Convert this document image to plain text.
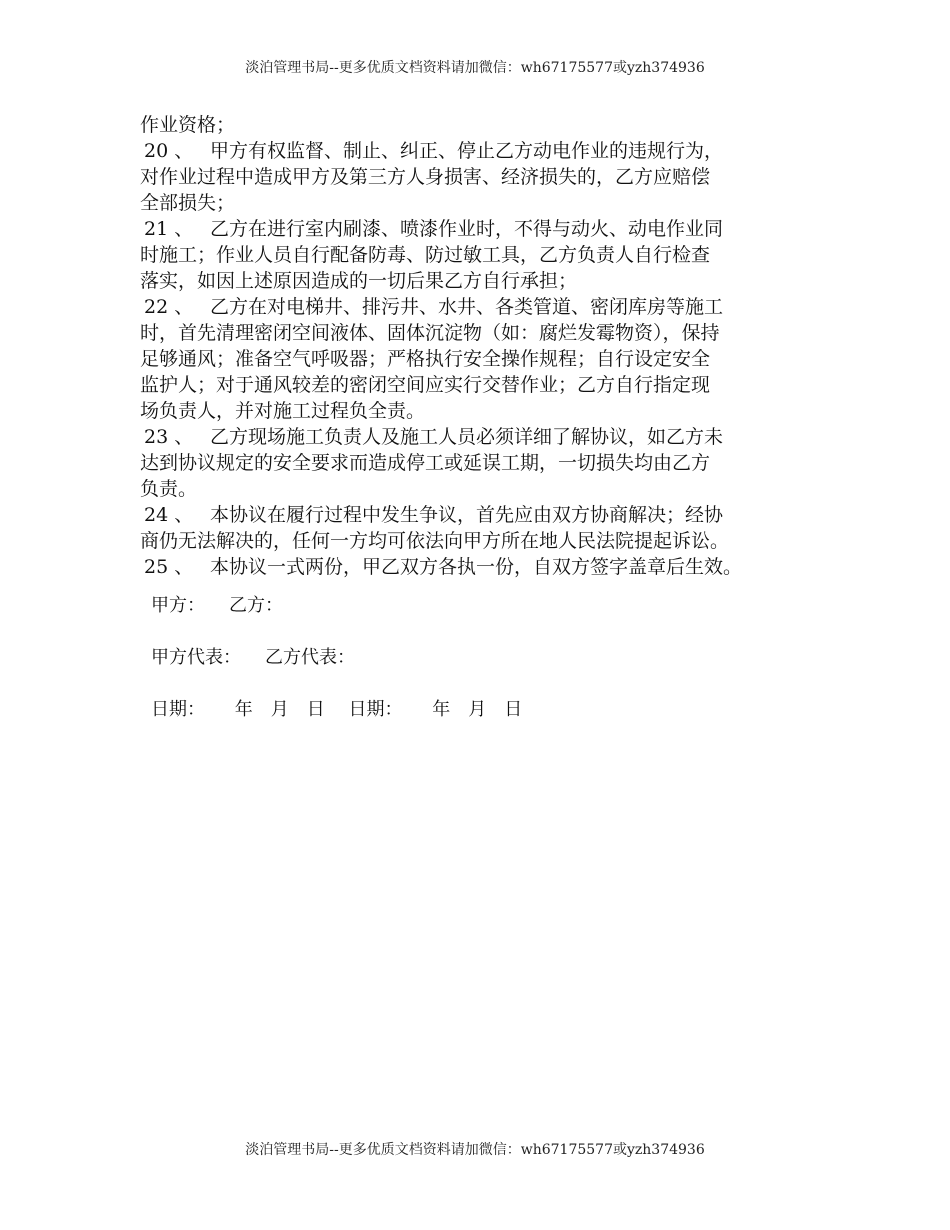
淡泊管理书局--更多优质文档资料请加微信：wh67175577或yzh374936

作业资格；

20 、 甲方有权监督、制止、纠正、停止乙方动电作业的违规行为，

对作业过程中造成甲方及第三方人身损害、经济损失的，乙方应赔偿

全部损失；

21 、 乙方在进行室内刷漆、喷漆作业时，不得与动火、动电作业同

时施工；作业人员自行配备防毒、防过敏工具，乙方负责人自行检查

落实，如因上述原因造成的一切后果乙方自行承担；

22 、 乙方在对电梯井、排污井、水井、各类管道、密闭库房等施工

时，首先清理密闭空间液体、固体沉淀物（如：腐烂发霉物资），保持

足够通风；准备空气呼吸器；严格执行安全操作规程；自行设定安全

监护人；对于通风较差的密闭空间应实行交替作业；乙方自行指定现

场负责人，并对施工过程负全责。

23 、 乙方现场施工负责人及施工人员必须详细了解协议，如乙方未

达到协议规定的安全要求而造成停工或延误工期，一切损失均由乙方

负责。

24 、 本协议在履行过程中发生争议，首先应由双方协商解决；经协

商仍无法解决的，任何一方均可依法向甲方所在地人民法院提起诉讼。

25 、 本协议一式两份，甲乙双方各执一份，自双方签字盖章后生效。

甲方： 乙方：
甲方代表： 乙方代表：
日期： 年 月 日 日期： 年 月 日
淡泊管理书局--更多优质文档资料请加微信：wh67175577或yzh374936
